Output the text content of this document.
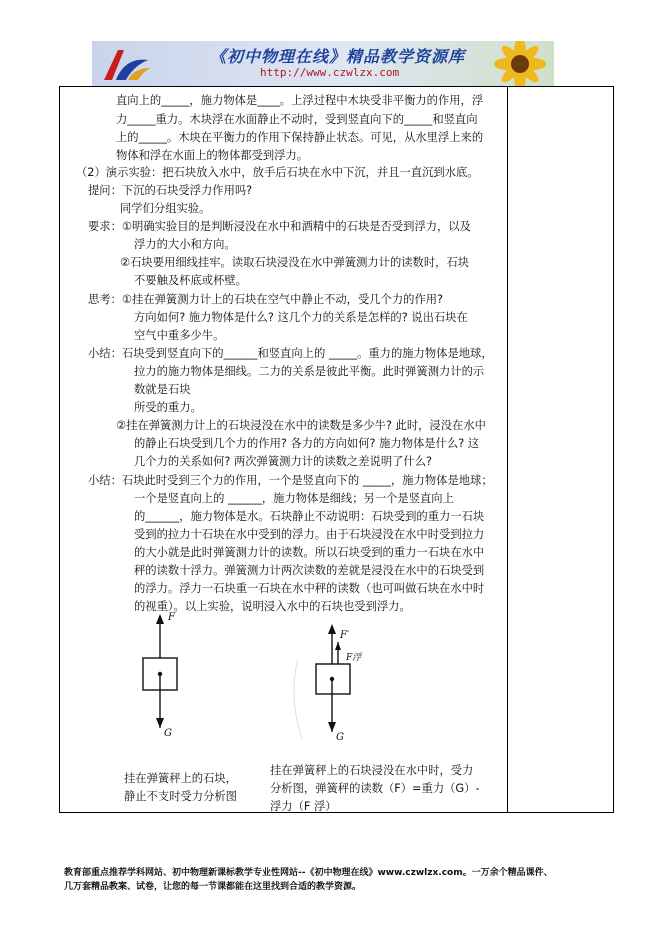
《初中物理在线》精品教学资源库
http://www.czwlzx.com
直向上的_____，施力物体是____。上浮过程中木块受非平衡力的作用，浮
力_____重力。木块浮在水面静止不动时，受到竖直向下的_____和竖直向
上的_____。木块在平衡力的作用下保持静止状态。可见，从水里浮上来的
物体和浮在水面上的物体都受到浮力。
（2）演示实验：把石块放入水中，放手后石块在水中下沉，并且一直沉到水底。
提问：下沉的石块受浮力作用吗?
同学们分组实验。
要求：①明确实验目的是判断浸没在水中和酒精中的石块是否受到浮力，以及
浮力的大小和方向。
②石块要用细线挂牢。读取石块浸没在水中弹簧测力计的读数时，石块
不要触及杯底或杯壁。
思考：①挂在弹簧测力计上的石块在空气中静止不动，受几个力的作用?
方向如何? 施力物体是什么? 这几个力的关系是怎样的? 说出石块在
空气中重多少牛。
小结：石块受到竖直向下的______和竖直向上的 _____。重力的施力物体是地球，
拉力的施力物体是细线。二力的关系是彼此平衡。此时弹簧测力计的示
数就是石块
所受的重力。
②挂在弹簧测力计上的石块浸没在水中的读数是多少牛? 此时，浸没在水中
的静止石块受到几个力的作用? 各力的方向如何? 施力物体是什么? 这
几个力的关系如何? 两次弹簧测力计的读数之差说明了什么?
小结：石块此时受到三个力的作用，一个是竖直向下的 _____，施力物体是地球；
一个是竖直向上的 ______，施力物体是细线；另一个是竖直向上
的______，施力物体是水。石块静止不动说明：石块受到的重力一石块
受到的拉力十石块在水中受到的浮力。由于石块浸没在水中时受到拉力
的大小就是此时弹簧测力计的读数。所以石块受到的重力一石块在水中
秤的读数十浮力。弹簧测力计两次读数的差就是浸没在水中的石块受到
的浮力。浮力一石块重一石块在水中秤的读数（也可叫做石块在水中时
的视重）。以上实验，说明浸入水中的石块也受到浮力。
F
G
F′
F浮
G
挂在弹簧秤上的石块，
静止不支时受力分析图
挂在弹簧秤上的石块浸没在水中时，受力
分析图，弹簧秤的读数（F）=重力（G）-
浮力（F 浮）
教育部重点推荐学科网站、初中物理新课标教学专业性网站--《初中物理在线》www.czwlzx.com。一万余个精品课件、
几万套精品教案、试卷，让您的每一节课都能在这里找到合适的教学资源。
